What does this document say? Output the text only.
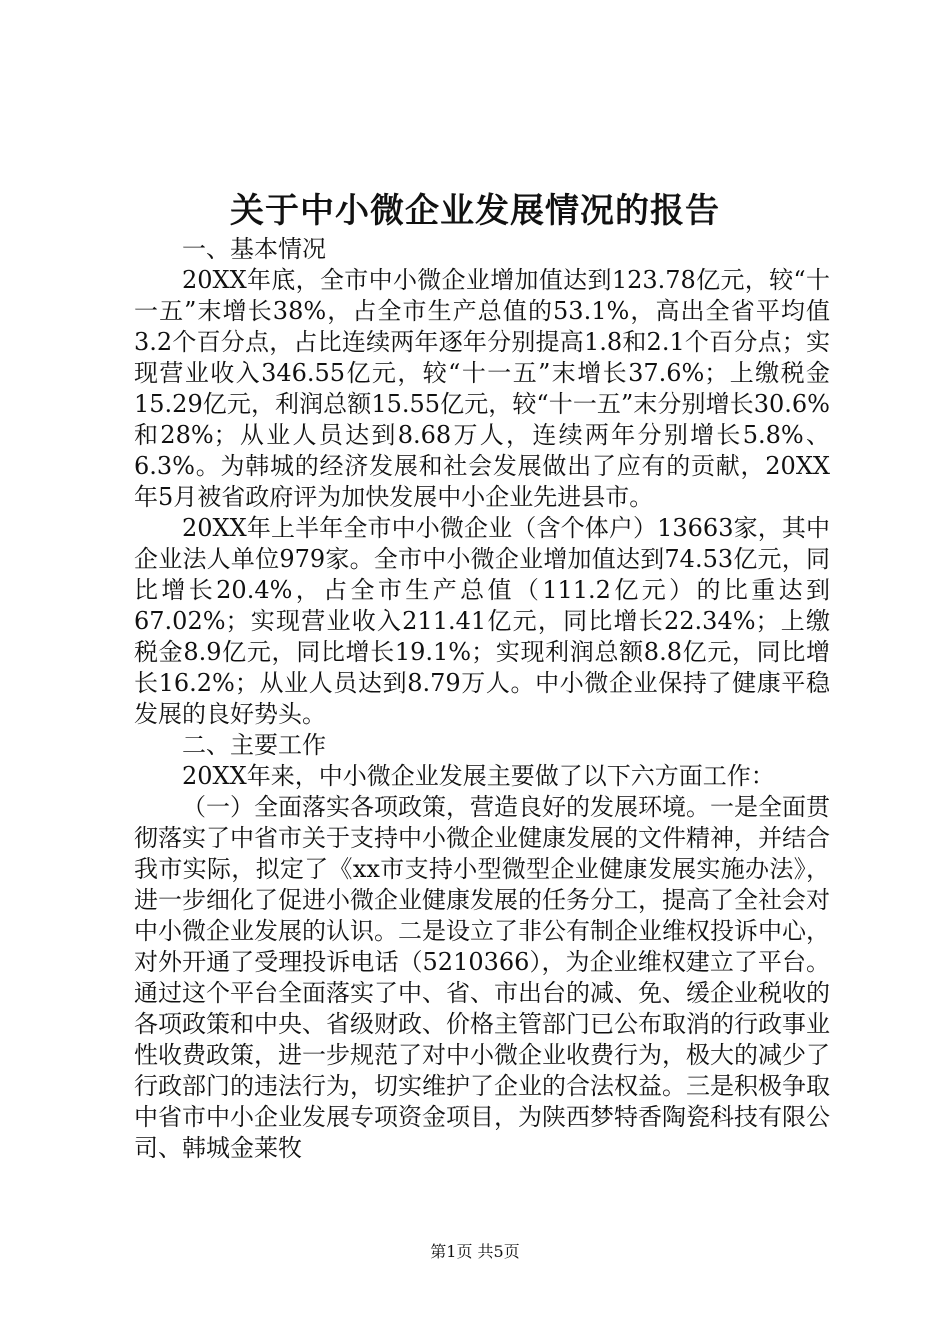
关于中小微企业发展情况的报告

一、基本情况

20XX年底，全市中小微企业增加值达到123.78亿元，较“十一五”末增长38%，占全市生产总值的53.1%，高出全省平均值3.2个百分点，占比连续两年逐年分别提高1.8和2.1个百分点；实现营业收入346.55亿元，较“十一五”末增长37.6%；上缴税金15.29亿元，利润总额15.55亿元，较“十一五”末分别增长30.6%和28%；从业人员达到8.68万人，连续两年分别增长5.8%、6.3%。为韩城的经济发展和社会发展做出了应有的贡献，20XX年5月被省政府评为加快发展中小企业先进县市。

20XX年上半年全市中小微企业（含个体户）13663家，其中企业法人单位979家。全市中小微企业增加值达到74.53亿元，同比增长20.4%，占全市生产总值（111.2亿元）的比重达到67.02%；实现营业收入211.41亿元，同比增长22.34%；上缴税金8.9亿元，同比增长19.1%；实现利润总额8.8亿元，同比增长16.2%；从业人员达到8.79万人。中小微企业保持了健康平稳发展的良好势头。

二、主要工作

20XX年来，中小微企业发展主要做了以下六方面工作：

（一）全面落实各项政策，营造良好的发展环境。一是全面贯彻落实了中省市关于支持中小微企业健康发展的文件精神，并结合我市实际，拟定了《xx市支持小型微型企业健康发展实施办法》，进一步细化了促进小微企业健康发展的任务分工，提高了全社会对中小微企业发展的认识。二是设立了非公有制企业维权投诉中心，对外开通了受理投诉电话（5210366），为企业维权建立了平台。通过这个平台全面落实了中、省、市出台的减、免、缓企业税收的各项政策和中央、省级财政、价格主管部门已公布取消的行政事业性收费政策，进一步规范了对中小微企业收费行为，极大的减少了行政部门的违法行为，切实维护了企业的合法权益。三是积极争取中省市中小企业发展专项资金项目，为陕西梦特香陶瓷科技有限公司、韩城金莱牧

第1页 共5页
